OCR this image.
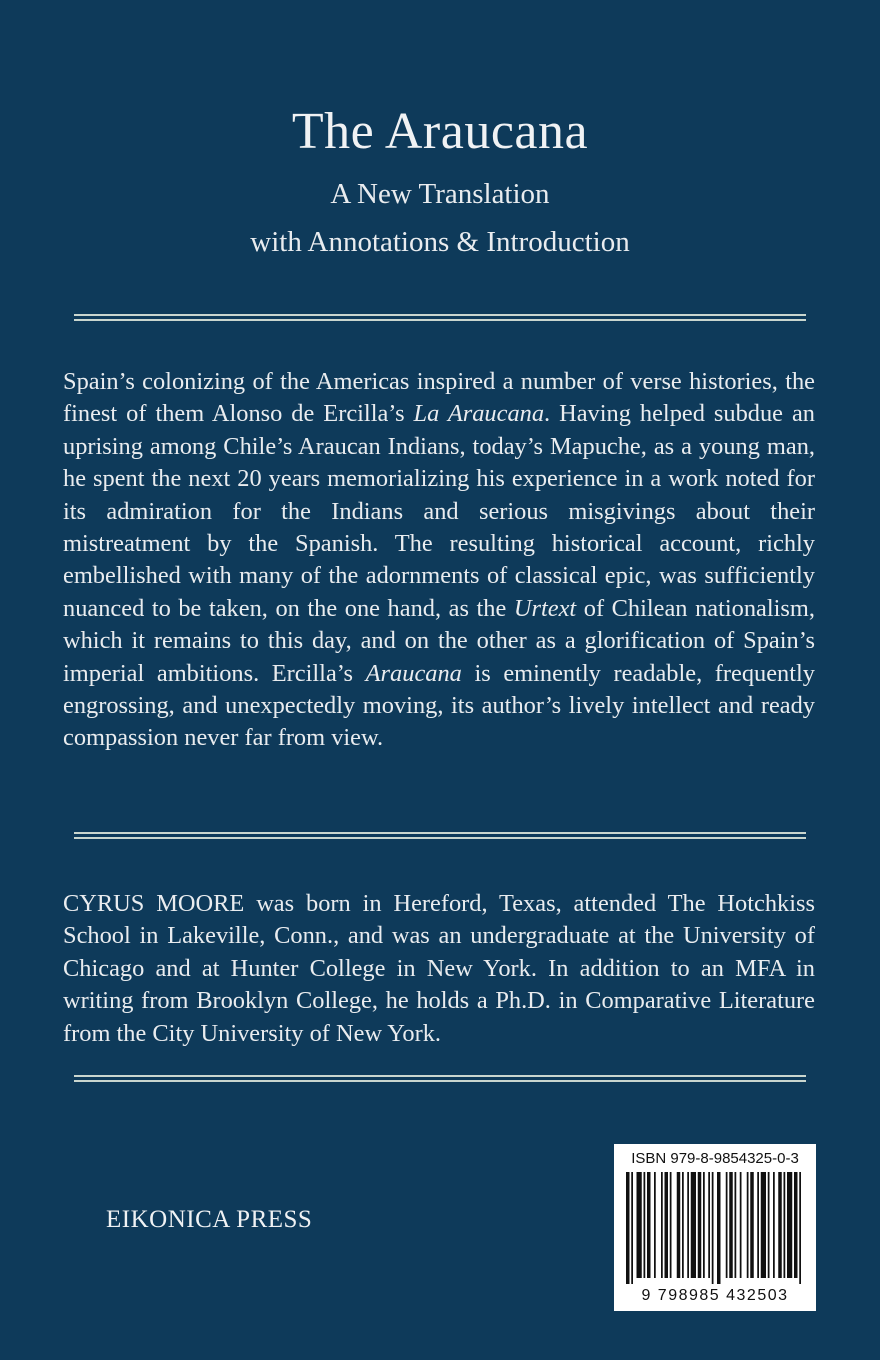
The Araucana
A New Translation
with Annotations & Introduction

Spain’s colonizing of the Americas inspired a number of verse histories, the finest of them Alonso de Ercilla’s La Araucana. Having helped subdue an uprising among Chile’s Araucan Indians, today’s Mapuche, as a young man, he spent the next 20 years memorializing his experience in a work noted for its admiration for the Indians and serious misgivings about their mistreatment by the Spanish. The resulting historical account, richly embellished with many of the adornments of classical epic, was sufficiently nuanced to be taken, on the one hand, as the Urtext of Chilean nationalism, which it remains to this day, and on the other as a glorification of Spain’s imperial ambitions. Ercilla’s Araucana is eminently readable, frequently engrossing, and unexpectedly moving, its author’s lively intellect and ready compassion never far from view.

CYRUS MOORE was born in Hereford, Texas, attended The Hotchkiss School in Lakeville, Conn., and was an undergraduate at the University of Chicago and at Hunter College in New York. In addition to an MFA in writing from Brooklyn College, he holds a Ph.D. in Comparative Literature from the City University of New York.

EIKONICA PRESS
ISBN 979-8-9854325-0-3
9 798985 432503
